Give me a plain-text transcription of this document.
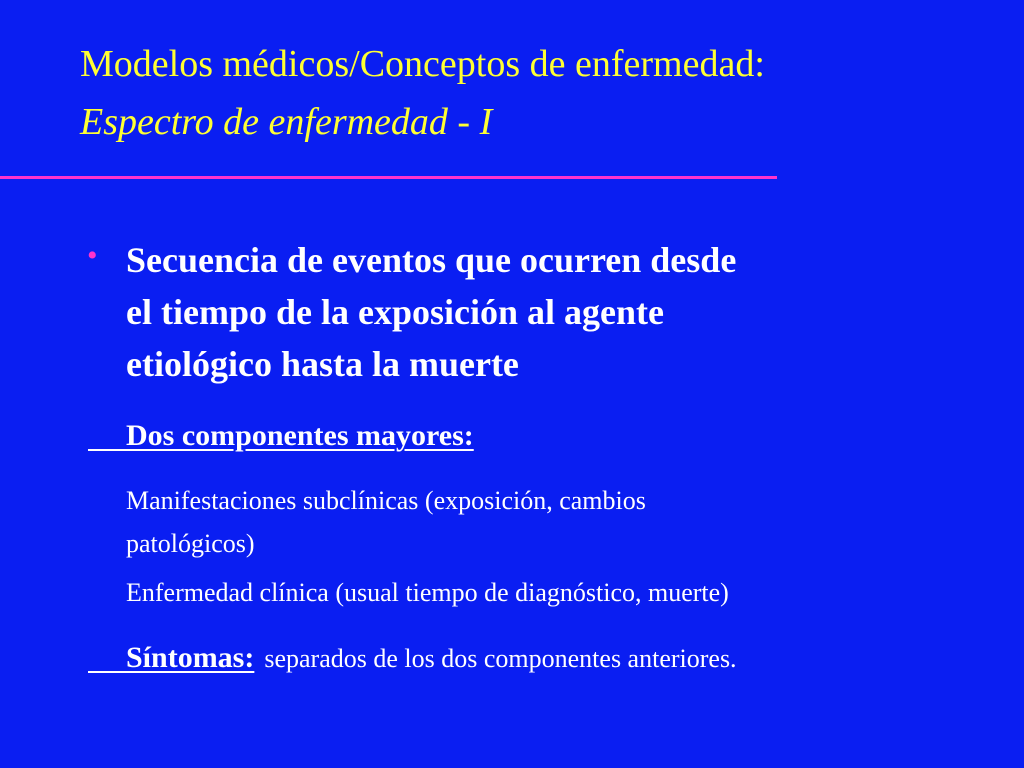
Modelos médicos/Conceptos de enfermedad:
Espectro de enfermedad - I
• Secuencia de eventos que ocurren desde
el tiempo de la exposición al agente
etiológico hasta la muerte
Dos componentes mayores:
Manifestaciones subclínicas (exposición, cambios
patológicos)
Enfermedad clínica (usual tiempo de diagnóstico, muerte)
Síntomas: separados de los dos componentes anteriores.
